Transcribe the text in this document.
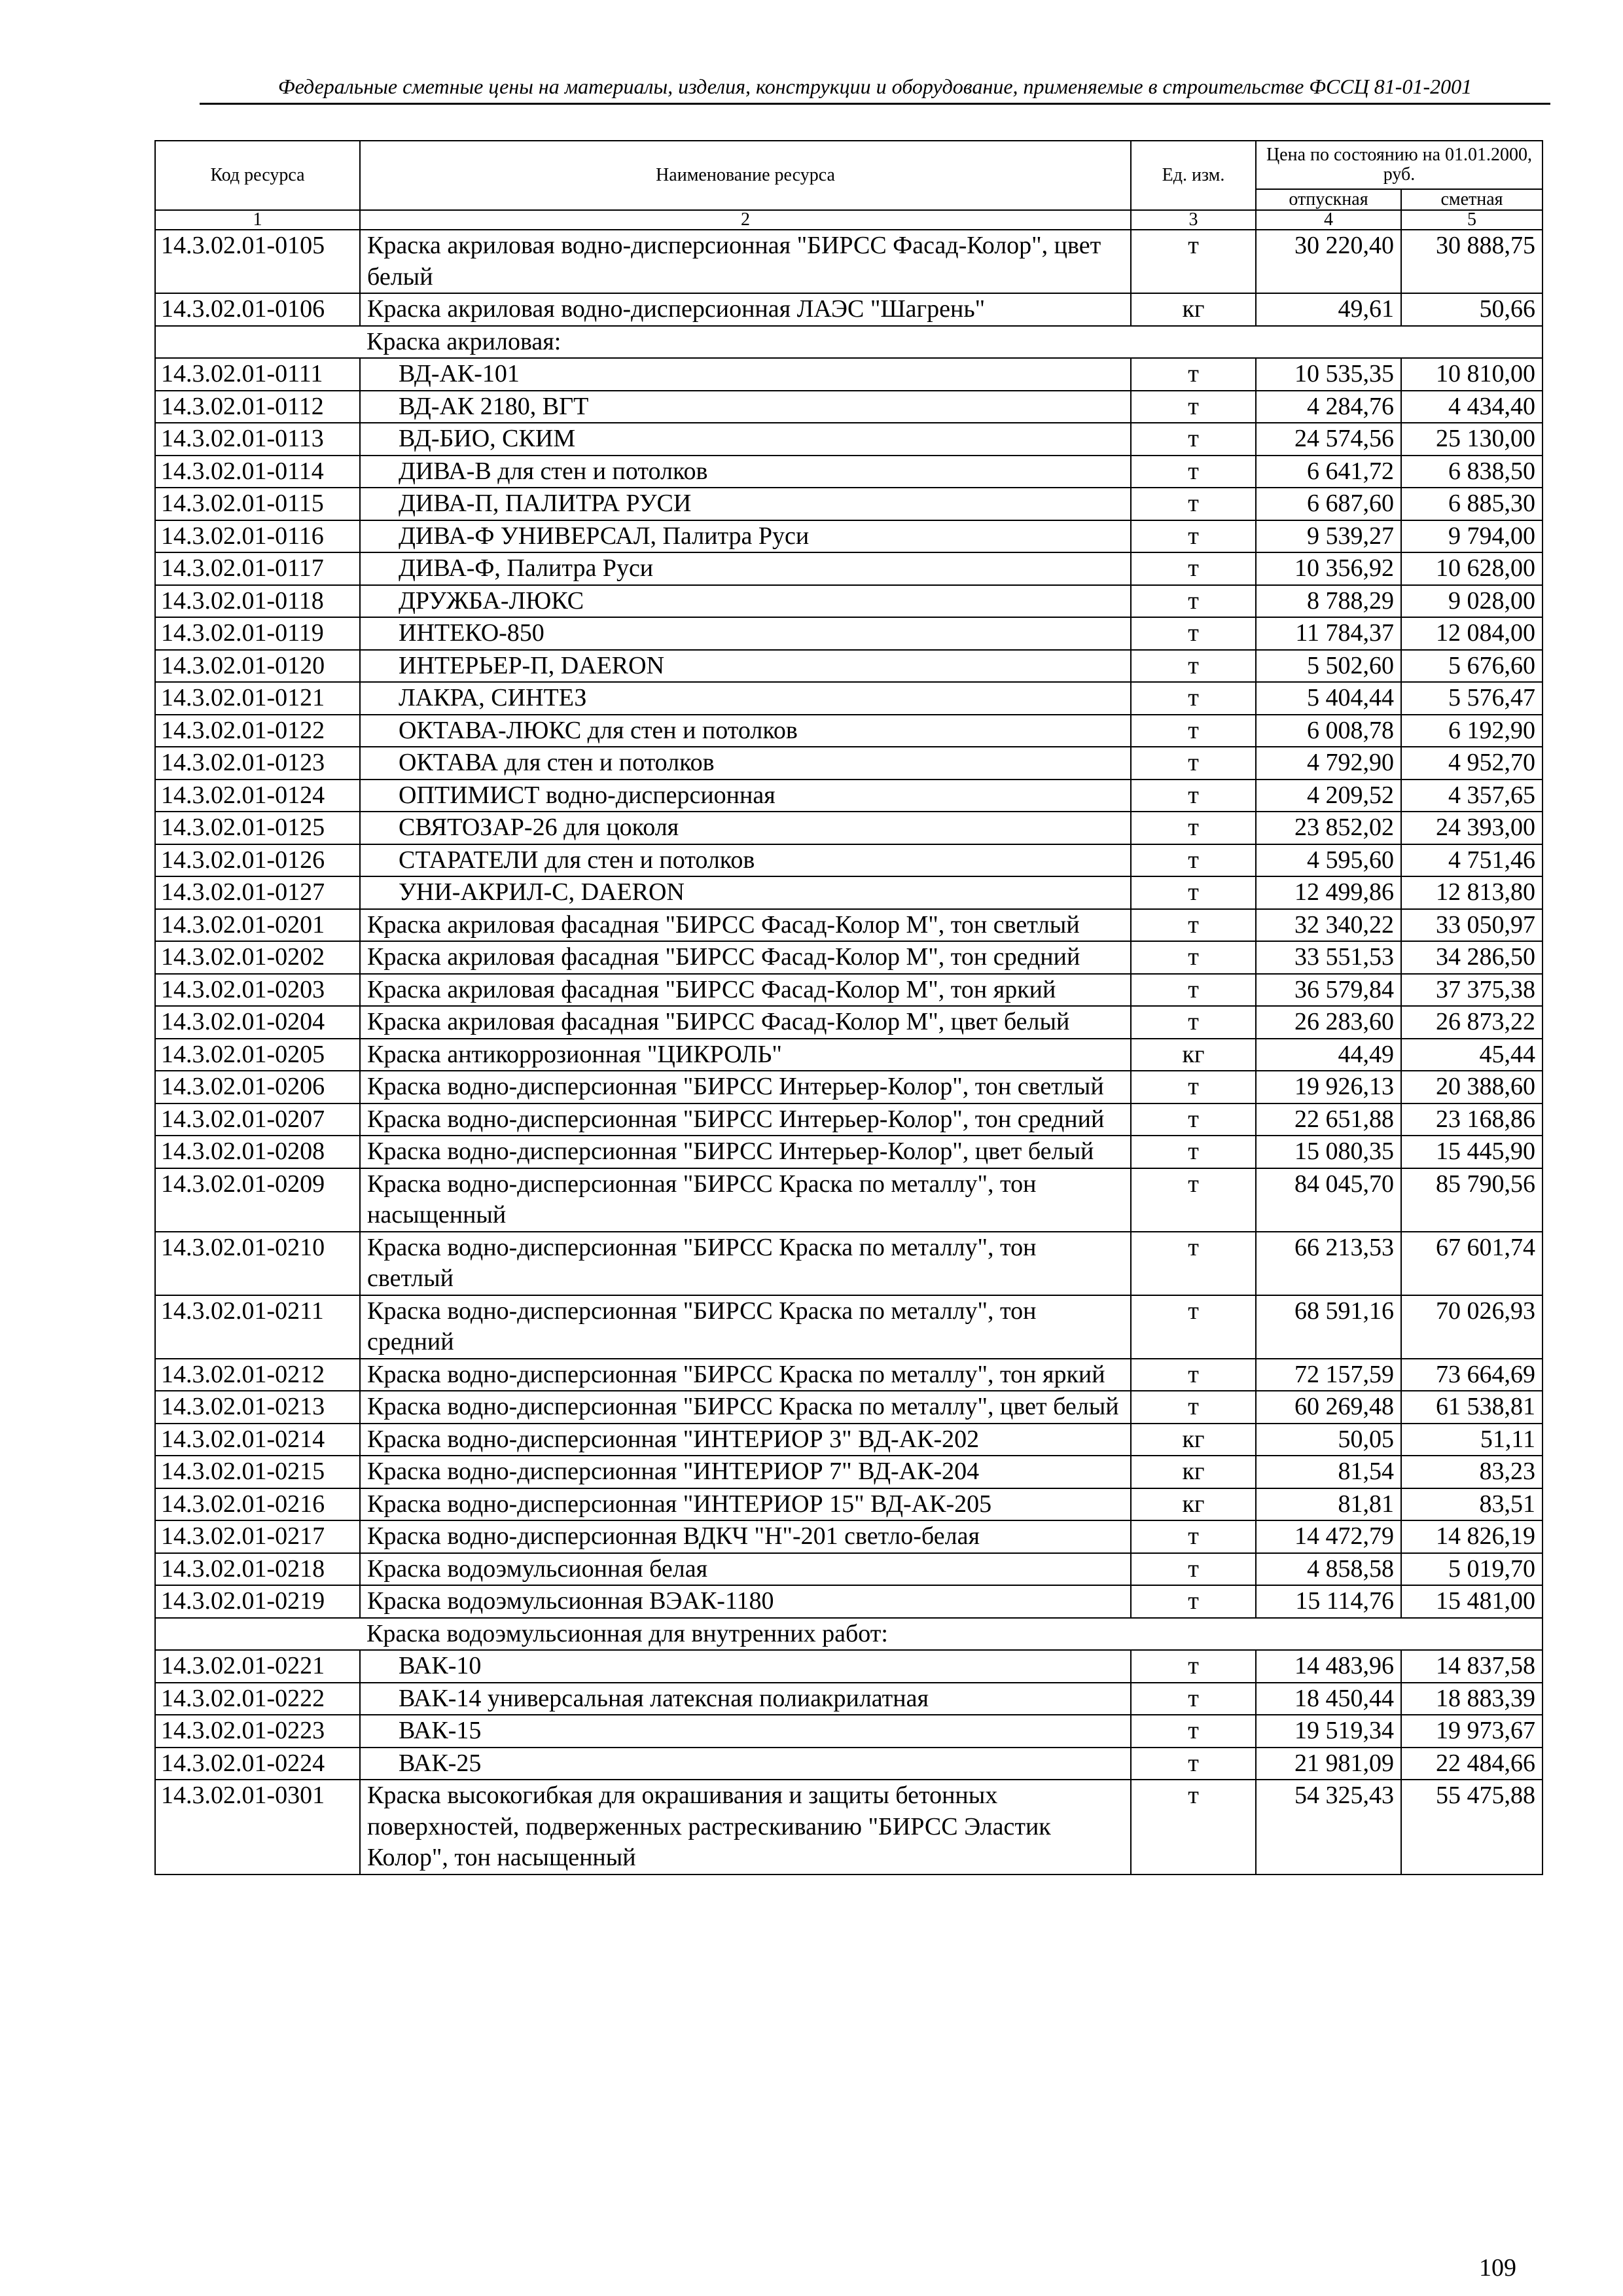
Федеральные сметные цены на материалы, изделия, конструкции и оборудование, применяемые в строительстве ФССЦ 81-01-2001
Код ресурса	Наименование ресурса	Ед. изм.	Цена по состоянию на 01.01.2000, руб.	
			отпускная	сметная
1	2	3	4	5
14.3.02.01-0105	Краска акриловая водно-дисперсионная "БИРСС Фасад-Колор", цвет белый	т	30 220,40	30 888,75
14.3.02.01-0106	Краска акриловая водно-дисперсионная ЛАЭС "Шагрень"	кг	49,61	50,66
	Краска акриловая:			
14.3.02.01-0111	ВД-АК-101	т	10 535,35	10 810,00
14.3.02.01-0112	ВД-АК 2180, ВГТ	т	4 284,76	4 434,40
14.3.02.01-0113	ВД-БИО, СКИМ	т	24 574,56	25 130,00
14.3.02.01-0114	ДИВА-В для стен и потолков	т	6 641,72	6 838,50
14.3.02.01-0115	ДИВА-П, ПАЛИТРА РУСИ	т	6 687,60	6 885,30
14.3.02.01-0116	ДИВА-Ф УНИВЕРСАЛ, Палитра Руси	т	9 539,27	9 794,00
14.3.02.01-0117	ДИВА-Ф, Палитра Руси	т	10 356,92	10 628,00
14.3.02.01-0118	ДРУЖБА-ЛЮКС	т	8 788,29	9 028,00
14.3.02.01-0119	ИНТЕКО-850	т	11 784,37	12 084,00
14.3.02.01-0120	ИНТЕРЬЕР-П, DAERON	т	5 502,60	5 676,60
14.3.02.01-0121	ЛАКРА, СИНТЕЗ	т	5 404,44	5 576,47
14.3.02.01-0122	ОКТАВА-ЛЮКС для стен и потолков	т	6 008,78	6 192,90
14.3.02.01-0123	ОКТАВА для стен и потолков	т	4 792,90	4 952,70
14.3.02.01-0124	ОПТИМИСТ водно-дисперсионная	т	4 209,52	4 357,65
14.3.02.01-0125	СВЯТОЗАР-26 для цоколя	т	23 852,02	24 393,00
14.3.02.01-0126	СТАРАТЕЛИ для стен и потолков	т	4 595,60	4 751,46
14.3.02.01-0127	УНИ-АКРИЛ-С, DAERON	т	12 499,86	12 813,80
14.3.02.01-0201	Краска акриловая фасадная "БИРСС Фасад-Колор М", тон светлый	т	32 340,22	33 050,97
14.3.02.01-0202	Краска акриловая фасадная "БИРСС Фасад-Колор М", тон средний	т	33 551,53	34 286,50
14.3.02.01-0203	Краска акриловая фасадная "БИРСС Фасад-Колор М", тон яркий	т	36 579,84	37 375,38
14.3.02.01-0204	Краска акриловая фасадная "БИРСС Фасад-Колор М", цвет белый	т	26 283,60	26 873,22
14.3.02.01-0205	Краска антикоррозионная "ЦИКРОЛЬ"	кг	44,49	45,44
14.3.02.01-0206	Краска водно-дисперсионная "БИРСС Интерьер-Колор", тон светлый	т	19 926,13	20 388,60
14.3.02.01-0207	Краска водно-дисперсионная "БИРСС Интерьер-Колор", тон средний	т	22 651,88	23 168,86
14.3.02.01-0208	Краска водно-дисперсионная "БИРСС Интерьер-Колор", цвет белый	т	15 080,35	15 445,90
14.3.02.01-0209	Краска водно-дисперсионная "БИРСС Краска по металлу", тон насыщенный	т	84 045,70	85 790,56
14.3.02.01-0210	Краска водно-дисперсионная "БИРСС Краска по металлу", тон светлый	т	66 213,53	67 601,74
14.3.02.01-0211	Краска водно-дисперсионная "БИРСС Краска по металлу", тон средний	т	68 591,16	70 026,93
14.3.02.01-0212	Краска водно-дисперсионная "БИРСС Краска по металлу", тон яркий	т	72 157,59	73 664,69
14.3.02.01-0213	Краска водно-дисперсионная "БИРСС Краска по металлу", цвет белый	т	60 269,48	61 538,81
14.3.02.01-0214	Краска водно-дисперсионная "ИНТЕРИОР 3" ВД-АК-202	кг	50,05	51,11
14.3.02.01-0215	Краска водно-дисперсионная "ИНТЕРИОР 7" ВД-АК-204	кг	81,54	83,23
14.3.02.01-0216	Краска водно-дисперсионная "ИНТЕРИОР 15" ВД-АК-205	кг	81,81	83,51
14.3.02.01-0217	Краска водно-дисперсионная ВДКЧ "Н"-201 светло-белая	т	14 472,79	14 826,19
14.3.02.01-0218	Краска водоэмульсионная белая	т	4 858,58	5 019,70
14.3.02.01-0219	Краска водоэмульсионная ВЭАК-1180	т	15 114,76	15 481,00
	Краска водоэмульсионная для внутренних работ:			
14.3.02.01-0221	ВАК-10	т	14 483,96	14 837,58
14.3.02.01-0222	ВАК-14 универсальная латексная полиакрилатная	т	18 450,44	18 883,39
14.3.02.01-0223	ВАК-15	т	19 519,34	19 973,67
14.3.02.01-0224	ВАК-25	т	21 981,09	22 484,66
14.3.02.01-0301	Краска высокогибкая для окрашивания и защиты бетонных поверхностей, подверженных растрескиванию "БИРСС Эластик Колор", тон насыщенный	т	54 325,43	55 475,88
109
